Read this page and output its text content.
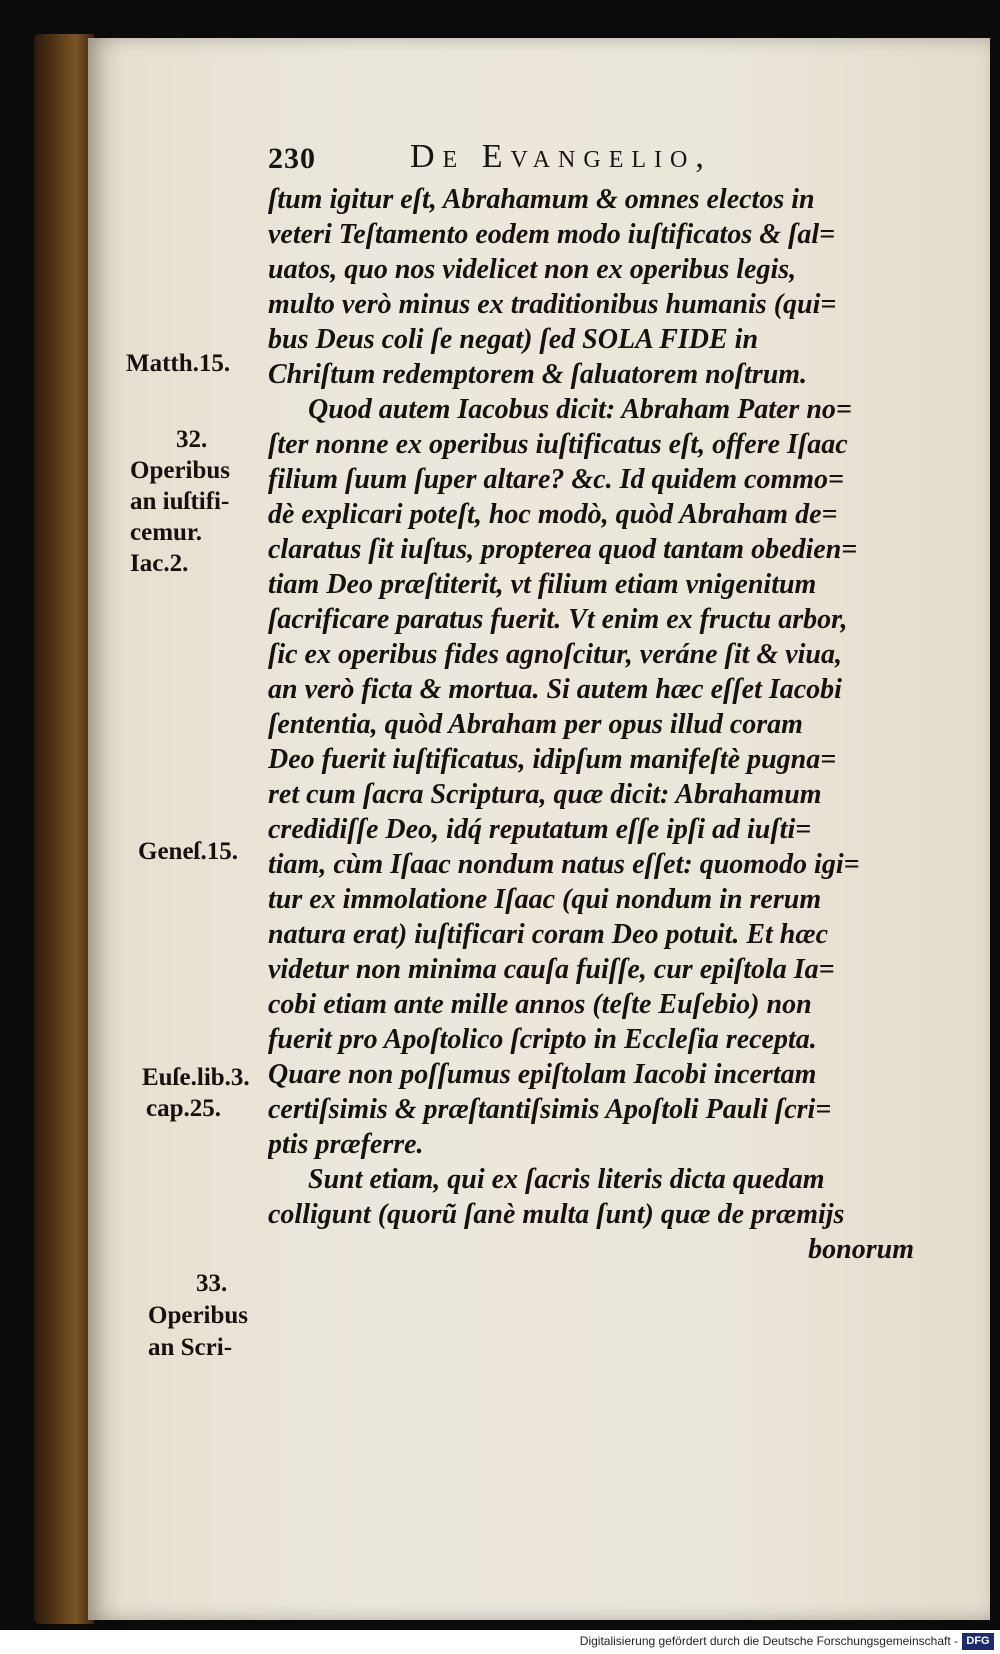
230	De Evangelio,
ſtum igitur eſt, Abrahamum & omnes electos in
veteri Teſtamento eodem modo iuſtificatos & ſal=
uatos, quo nos videlicet non ex operibus legis,
multo verò minus ex traditionibus humanis (qui=
bus Deus coli ſe negat) ſed SOLA FIDE in
Chriſtum redemptorem & ſaluatorem noſtrum.
Quod autem Iacobus dicit: Abraham Pater no=
ſter nonne ex operibus iuſtificatus eſt, offere Iſaac
filium ſuum ſuper altare? &c. Id quidem commo=
dè explicari poteſt, hoc modò, quòd Abraham de=
claratus ſit iuſtus, propterea quod tantam obedien=
tiam Deo præſtiterit, vt filium etiam vnigenitum
ſacrificare paratus fuerit. Vt enim ex fructu arbor,
ſic ex operibus fides agnoſcitur, veráne ſit & viua,
an verò ficta & mortua. Si autem hæc eſſet Iacobi
ſententia, quòd Abraham per opus illud coram
Deo fuerit iuſtificatus, idipſum manifeſtè pugna=
ret cum ſacra Scriptura, quæ dicit: Abrahamum
credidiſſe Deo, idq́ reputatum eſſe ipſi ad iuſti=
tiam, cùm Iſaac nondum natus eſſet: quomodo igi=
tur ex immolatione Iſaac (qui nondum in rerum
natura erat) iuſtificari coram Deo potuit. Et hæc
videtur non minima cauſa fuiſſe, cur epiſtola Ia=
cobi etiam ante mille annos (teſte Euſebio) non
fuerit pro Apoſtolico ſcripto in Eccleſia recepta.
Quare non poſſumus epiſtolam Iacobi incertam
certiſsimis & præſtantiſsimis Apoſtoli Pauli ſcri=
ptis præferre.
Sunt etiam, qui ex ſacris literis dicta quedam
colligunt (quorũ ſanè multa ſunt) quæ de præmijs
bonorum
Matth.15.
32.
Operibus
an iuſtifi-
cemur.
Iac.2.
Geneſ.15.
Euſe.lib.3.
cap.25.
33.
Operibus
an Scri-
Digitalisierung gefördert durch die Deutsche Forschungsgemeinschaft - DFG
